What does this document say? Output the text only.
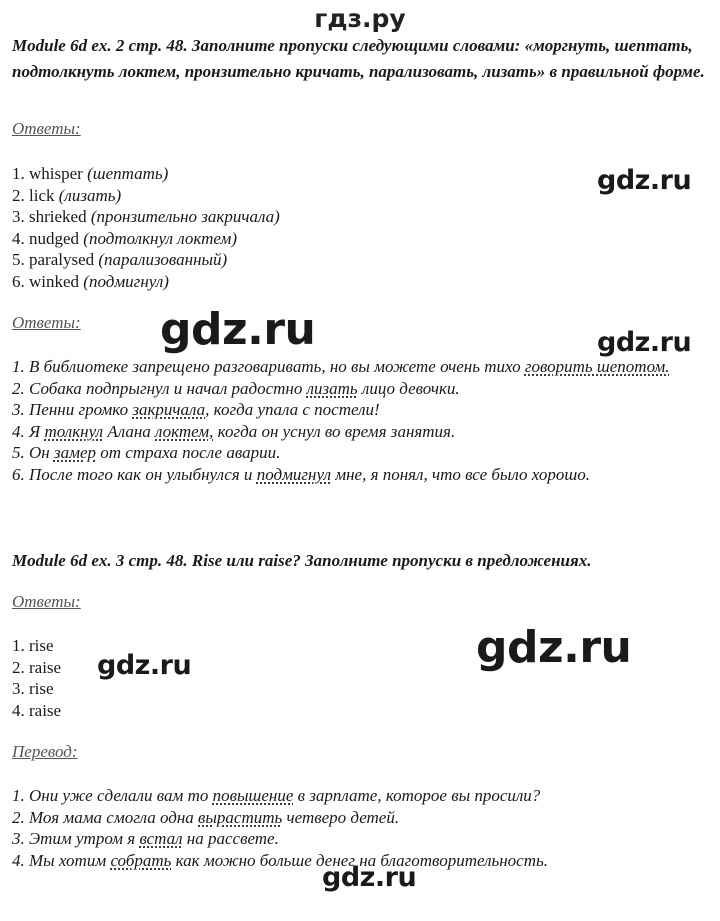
гдз.ру
Module 6d ex. 2 стр. 48. Заполните пропуски следующими словами: «моргнуть, шептать, подтолкнуть локтем, пронзительно кричать, парализовать, лизать» в правильной форме.
Ответы:
1. whisper (шептать)
2. lick (лизать)
3. shrieked (пронзительно закричала)
4. nudged (подтолкнул локтем)
5. paralysed (парализованный)
6. winked (подмигнул)
Ответы:
1. В библиотеке запрещено разговаривать, но вы можете очень тихо говорить шепотом.
2. Собака подпрыгнул и начал радостно лизать лицо девочки.
3. Пенни громко закричала, когда упала с постели!
4. Я толкнул Алана локтем, когда он уснул во время занятия.
5. Он замер от страха после аварии.
6. После того как он улыбнулся и подмигнул мне, я понял, что все было хорошо.
Module 6d ex. 3 стр. 48. Rise или raise? Заполните пропуски в предложениях.
Ответы:
1. rise
2. raise
3. rise
4. raise
Перевод:
1. Они уже сделали вам то повышение в зарплате, которое вы просили?
2. Моя мама смогла одна вырастить четверо детей.
3. Этим утром я встал на рассвете.
4. Мы хотим собрать как можно больше денег на благотворительность.
gdz.ru
gdz.ru	gdz.ru
gdz.ru
gdz.ru
gdz.ru
